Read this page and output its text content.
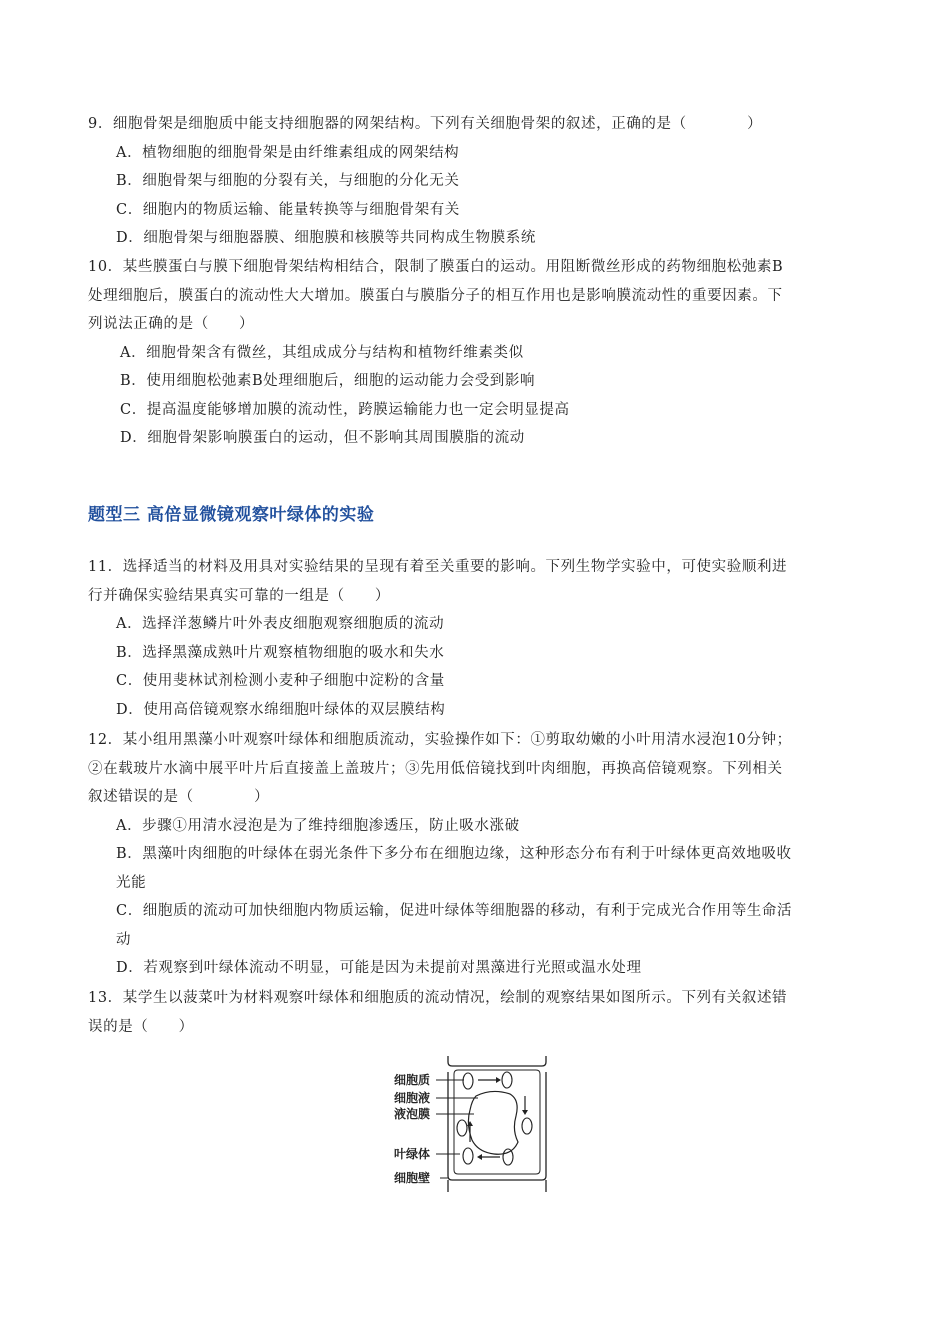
9．细胞骨架是细胞质中能支持细胞器的网架结构。下列有关细胞骨架的叙述，正确的是（　　　　）
A．植物细胞的细胞骨架是由纤维素组成的网架结构
B．细胞骨架与细胞的分裂有关，与细胞的分化无关
C．细胞内的物质运输、能量转换等与细胞骨架有关
D．细胞骨架与细胞器膜、细胞膜和核膜等共同构成生物膜系统
10．某些膜蛋白与膜下细胞骨架结构相结合，限制了膜蛋白的运动。用阻断微丝形成的药物细胞松弛素B
处理细胞后，膜蛋白的流动性大大增加。膜蛋白与膜脂分子的相互作用也是影响膜流动性的重要因素。下
列说法正确的是（　　）
A．细胞骨架含有微丝，其组成成分与结构和植物纤维素类似
B．使用细胞松弛素B处理细胞后，细胞的运动能力会受到影响
C．提高温度能够增加膜的流动性，跨膜运输能力也一定会明显提高
D．细胞骨架影响膜蛋白的运动，但不影响其周围膜脂的流动
题型三 高倍显微镜观察叶绿体的实验
11．选择适当的材料及用具对实验结果的呈现有着至关重要的影响。下列生物学实验中，可使实验顺利进
行并确保实验结果真实可靠的一组是（　　）
A．选择洋葱鳞片叶外表皮细胞观察细胞质的流动
B．选择黑藻成熟叶片观察植物细胞的吸水和失水
C．使用斐林试剂检测小麦种子细胞中淀粉的含量
D．使用高倍镜观察水绵细胞叶绿体的双层膜结构
12．某小组用黑藻小叶观察叶绿体和细胞质流动，实验操作如下：①剪取幼嫩的小叶用清水浸泡10分钟；
②在载玻片水滴中展平叶片后直接盖上盖玻片；③先用低倍镜找到叶肉细胞，再换高倍镜观察。下列相关
叙述错误的是（　　　　）
A．步骤①用清水浸泡是为了维持细胞渗透压，防止吸水涨破
B．黑藻叶肉细胞的叶绿体在弱光条件下多分布在细胞边缘，这种形态分布有利于叶绿体更高效地吸收
光能
C．细胞质的流动可加快细胞内物质运输，促进叶绿体等细胞器的移动，有利于完成光合作用等生命活
动
D．若观察到叶绿体流动不明显，可能是因为未提前对黑藻进行光照或温水处理
13．某学生以菠菜叶为材料观察叶绿体和细胞质的流动情况，绘制的观察结果如图所示。下列有关叙述错
误的是（　　）
细胞质
细胞液
液泡膜
叶绿体
细胞壁
